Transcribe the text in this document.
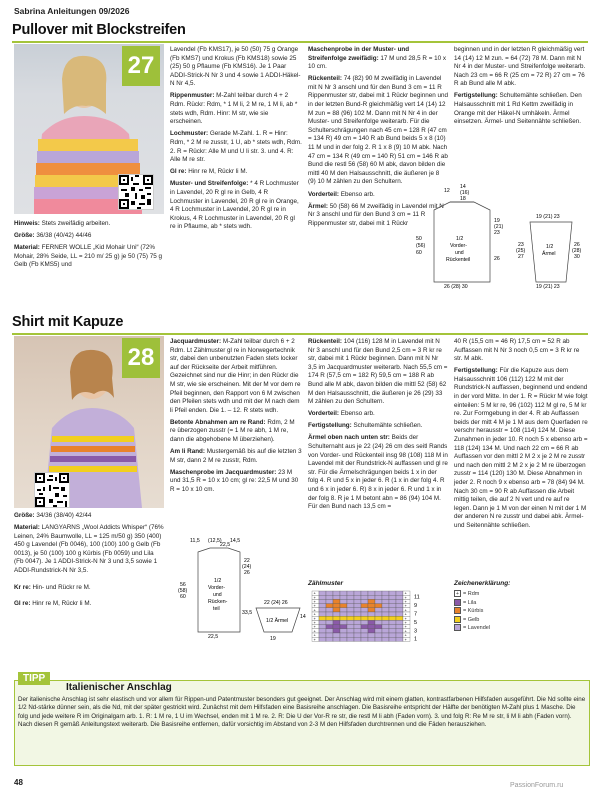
Sabrina Anleitungen 09/2026
Pullover mit Blockstreifen
27

Hinweis: Stets zweifädig arbeiten.

Größe: 36/38 (40/42) 44/46

Material: FERNER WOLLE „Kid Mohair Uni“ (72% Mohair, 28% Seide, LL = 210 m/ 25 g) je 50 (75) 75 g Gelb (Fb KMS5) und

Lavendel (Fb KMS17), je 50 (50) 75 g Orange (Fb KMS7) und Krokus (Fb KMS18) sowie 25 (25) 50 g Pflaume (Fb KMS16). Je 1 Paar ADDI-Strick-N Nr 3 und 4 sowie 1 ADDI-Häkel-N Nr 4,5.

Rippenmuster: M-Zahl teilbar durch 4 + 2 Rdm. Rückr: Rdm, * 1 M li, 2 M re, 1 M li, ab * stets wdh, Rdm. Hinr: M str, wie sie erscheinen.

Lochmuster: Gerade M-Zahl. 1. R = Hinr: Rdm, * 2 M re zusstr, 1 U, ab * stets wdh, Rdm. 2. R = Rückr: Alle M und U li str. 3. und 4. R: Alle M re str.

Gl re: Hinr re M, Rückr li M.

Muster- und Streifenfolge: * 4 R Lochmuster in Lavendel, 20 R gl re in Gelb, 4 R Lochmuster in Lavendel, 20 R gl re in Orange, 4 R Lochmuster in Lavendel, 20 R gl re in Krokus, 4 R Lochmuster in Lavendel, 20 R gl re in Pflaume, ab * stets wdh.

Maschenprobe in der Muster- und Streifenfolge zweifädig: 17 M und 28,5 R = 10 x 10 cm.

Rückenteil: 74 (82) 90 M zweifädig in Lavendel mit N Nr 3 anschl und für den Bund 3 cm = 11 R Rippenmuster str, dabei mit 1 Rückr beginnen und in der letzten Bund-R gleichmäßig vert 14 (14) 12 M zun = 88 (96) 102 M. Dann mit N Nr 4 in der Muster- und Streifenfolge weiterarb. Für die Schulterschrägungen nach 45 cm = 128 R (47 cm = 134 R) 49 cm = 140 R ab Bund beids 5 x 8 (10) 11 M und in der folg 2. R 1 x 8 (9) 10 M abk. Nach 47 cm = 134 R (49 cm = 140 R) 51 cm = 146 R ab Bund die restl 56 (58) 60 M abk, davon bilden die mittl 40 M den Halsausschnitt, die äußeren je 8 (9) 10 M zählen zu den Schultern.

Vorderteil: Ebenso arb.

Ärmel: 50 (58) 66 M zweifädig in Lavendel mit N Nr 3 anschl und für den Bund 3 cm = 11 R Rippenmuster str, dabei mit 1 Rückr

beginnen und in der letzten R gleichmäßig vert 14 (14) 12 M zun. = 64 (72) 78 M. Dann mit N Nr 4 in der Muster- und Streifenfolge weiterarb. Nach 23 cm = 66 R (25 cm = 72 R) 27 cm = 76 R ab Bund alle M abk.

Fertigstellung: Schultemähte schließen. Den Halsausschnitt mit 1 Rd Kettm zweifädig in Orange mit der Häkel-N umhäkeln. Ärmel einsetzen. Ärmel- und Seitennähte schließen.

12
14
(16)
18
1/2
Vorder-
und
Rückenteil
50
(56)
60
19
(21)
23
26
26 (28) 30
19 (21) 23
1/2
Ärmel
23
(25)
27
26
(28)
30
19 (21) 23
Shirt mit Kapuze
28

Größe: 34/36 (38/40) 42/44

Material: LANGYARNS „Wool Addicts Whisper“ (76% Leinen, 24% Baumwolle, LL = 125 m/50 g) 350 (400) 450 g Lavendel (Fb 0046), 100 (100) 100 g Gelb (Fb 0013), je 50 (100) 100 g Kürbis (Fb 0059) und Lila (Fb 0047). Je 1 ADDI-Strick-N Nr 3 und 3,5 sowie 1 ADDI-Rundstrick-N Nr 3,5.

Kr re: Hin- und Rückr re M.

Gl re: Hinr re M, Rückr li M.

Jacquardmuster: M-Zahl teilbar durch 6 + 2 Rdm. Lt Zählmuster gl re in Norwegertechnik str, dabei den unbenutzten Faden stets locker auf der Rückseite der Arbeit mitführen. Gezeichnet sind nur die Hinr; in den Rückr die M str, wie sie erscheinen. Mit der M vor dem re Pfeil beginnen, den Rapport von 6 M zwischen den Pfeilen stets wdh und mit der M nach dem li Pfeil enden. Die 1. – 12. R stets wdh.

Betonte Abnahmen am re Rand: Rdm, 2 M re überzogen zusstr (= 1 M re abh, 1 M re, dann die abgehobene M überziehen).

Am li Rand: Mustergemäß bis auf die letzten 3 M str, dann 2 M re zusstr, Rdm.

Maschenprobe im Jacquardmuster: 23 M und 31,5 R = 10 x 10 cm; gl re: 22,5 M und 30 R = 10 x 10 cm.

Rückenteil: 104 (116) 128 M in Lavendel mit N Nr 3 anschl und für den Bund 2,5 cm = 3 R kr re str, dabei mit 1 Rückr beginnen. Dann mit N Nr 3,5 im Jacquardmuster weiterarb. Nach 55,5 cm = 174 R (57,5 cm = 182 R) 59,5 cm = 188 R ab Bund alle M abk, davon bilden die mittl 52 (58) 62 M den Halsausschnitt, die äußeren je 26 (29) 33 M zählen zu den Schultern.

Vorderteil: Ebenso arb.

Fertigstellung: Schultemähte schließen.

Ärmel oben nach unten str: Beids der Schulternaht aus je 22 (24) 26 cm des seitl Rands von Vorder- und Rückenteil insg 98 (108) 118 M in Lavendel mit der Rundstrick-N auffassen und gl re str. Für die Ärmelschrägungen beids 1 x in der folg 4. R und 5 x in jeder 6. R (1 x in der folg 4. R und 6 x in jeder 6. R) 8 x in jeder 6. R und 1 x in der folg 8. R je 1 M betont abn = 86 (94) 104 M. Für den Bund nach 13,5 cm =

40 R (15,5 cm = 46 R) 17,5 cm = 52 R ab Auffassen mit N Nr 3 noch 0,5 cm = 3 R kr re str. M abk.

Fertigstellung: Für die Kapuze aus dem Halsausschnitt 106 (112) 122 M mit der Rundstrick-N auffassen, beginnend und endend in der vord Mitte. In der 1. R = Rückr M wie folgt einteilen: 5 M kr re, 96 (102) 112 M gl re, 5 M kr re. Zur Formgebung in der 4. R ab Auffassen beids der mitt 4 M je 1 M aus dem Querfaden re verschr herausstr = 108 (114) 124 M. Diese Zunahmen in jeder 10. R noch 5 x ebenso arb = 118 (124) 134 M. Und nach 22 cm = 66 R ab Auffassen vor den mittl 2 M 2 x je 2 M re zusstr und nach den mittl 2 M 2 x je 2 M re überzogen zusstr = 114 (120) 130 M. Diese Abnahmen in jeder 2. R noch 9 x ebenso arb = 78 (84) 94 M. Nach 30 cm = 90 R ab Auffassen die Arbeit mittig teilen, die auf 2 N vert und re auf re legen. Dann je 1 M von der einen N mit der 1 M der anderen N re zusstr und dabei abk. Ärmel- und Seitennähte schließen.

11,5 (12,5) 14,5
22,5
1/2
Vorder-
und
Rücken-
teil
56
(58)
60
22
(24)
26
33,5
22,5
22 (24) 26
1/2 Ärmel
14
19
Zählmuster
+	+
+	+
+	+
+	+
+	+
+	+
+	+
+	+
+	+
+	+
+	+
+	+
11
9
7
5
3
1
Zeichenerklärung:
+ = Rdm
= Lila
= Kürbis
= Gelb
= Lavendel
TIPP
Italienischer Anschlag
Der italienische Anschlag ist sehr elastisch und vor allem für Rippen-und Patentmuster besonders gut geeignet. Der Anschlag wird mit einem glatten, kontrastfarbenen Hilfsfaden ausgeführt. Die Nd sollte eine 1/2 Nd-stärke dünner sein, als die Nd, mit der später gestrickt wird. Zunächst mit dem Hilfsfaden eine Basisreihe anschlagen. Die Basisreihe entspricht der Hälfte der benötigten M-Zahl plus 1 Masche. Die folg und jede weitere R im Originalgarn arb. 1. R: 1 M re, 1 U im Wechsel, enden mit 1 M re. 2. R: Die U der Vor-R re str, die restl M li abh (Faden vorn). 3. und folg R: Re M re str, li M li abh (Faden vorn). Nach diesen R gemäß Anleitungstext weiterarb. Die Basisreihe entfernen, dafür vorsichtig im Abstand von 2-3 M den Hilfsfaden durchtrennen und die Fäden herausziehen.
48	PassionForum.ru
